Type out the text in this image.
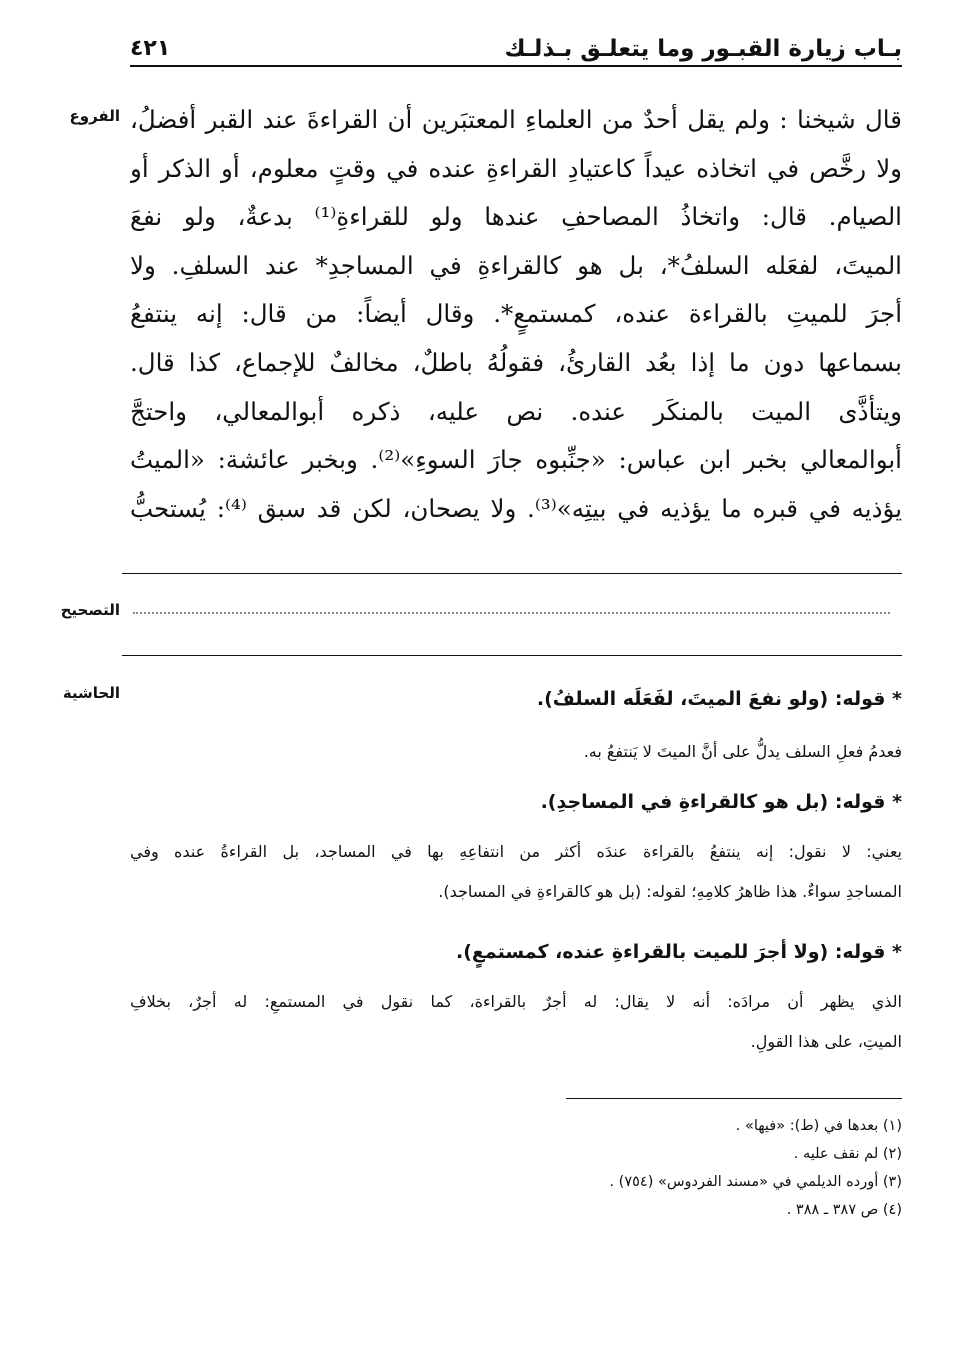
بـاب زيارة القبـور وما يتعلـق بـذلـك
٤٢١
الفروع قال شيخنا : ولم يقل أحدٌ من العلماءِ المعتبَرين أن القراءةَ عند القبر أفضلُ،
ولا رخَّص في اتخاذه عيداً كاعتيادِ القراءةِ عنده في وقتٍ معلوم، أو الذكر أو
الصيام. قال: واتخاذُ المصاحفِ عندها ولو للقراءةِ⁽¹⁾ بدعةٌ، ولو نفعَ
الميتَ، لفعَله السلفُ*، بل هو كالقراءةِ في المساجدِ* عند السلفِ. ولا
أجرَ للميتِ بالقراءة عنده، كمستمعٍ*. وقال أيضاً: من قال: إنه ينتفعُ
بسماعها دون ما إذا بعُد القارئُ، فقولُهُ باطلٌ، مخالفٌ للإجماع، كذا قال.
ويتأذَّى الميت بالمنكَر عنده. نص عليه، ذكره أبوالمعالي، واحتجَّ
أبوالمعالي بخبر ابن عباس: «جنِّبوه جارَ السوءِ»⁽²⁾. وبخبر عائشة: «الميتُ
يؤذيه في قبره ما يؤذيه في بيتِه»⁽³⁾. ولا يصحان، لكن قد سبق ⁽⁴⁾: يُستحبُّ
التصحيح
الحاشية	* قوله: (ولو نفعَ الميتَ، لفَعَلَه السلفُ).
فعدمُ فعلِ السلف يدلُّ على أنَّ الميتَ لا يَنتفعُ به.
* قوله: (بل هو كالقراءةِ في المساجدِ).
يعني: لا نقول: إنه ينتفعُ بالقراءة عندَه أكثر من انتفاعِهِ بها في المساجد، بل القراءةُ عنده وفي
المساجدِ سواءٌ. هذا ظاهرُ كلامِهِ؛ لقوله: (بل هو كالقراءةِ في المساجد).
* قوله: (ولا أجرَ للميت بالقراءةِ عنده، كمستمعٍ).
الذي يظهر أن مرادَه: أنه لا يقال: له أجرٌ بالقراءة، كما نقول في المستمعِ: له أجرٌ، بخلافِ
الميتِ، على هذا القولِ.
(١) بعدها في (ط): «فيها» .
(٢) لم نقف عليه .
(٣) أورده الديلمي في «مسند الفردوس» (٧٥٤) .
(٤) ص ٣٨٧ ـ ٣٨٨ .
